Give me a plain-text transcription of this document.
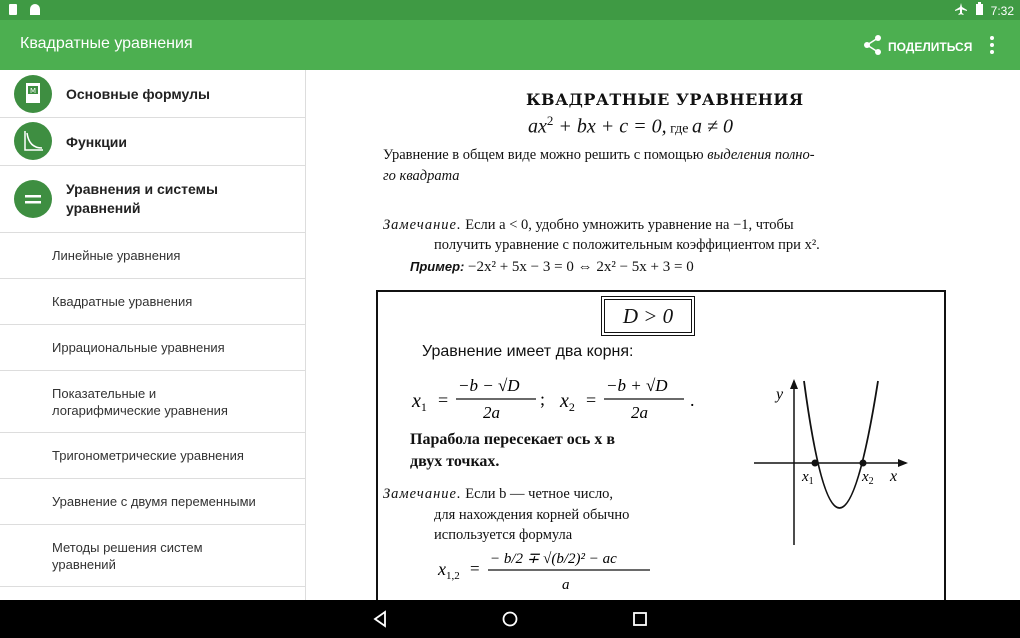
7:32
Квадратные уравнения	ПОДЕЛИТЬСЯ
M Основные формулы
Функции
Уравнения и системы
уравнений
Линейные уравнения
Квадратные уравнения
Иррациональные уравнения
Показательные и
логарифмические уравнения
Тригонометрические уравнения
Уравнение с двумя переменными
Методы решения систем
уравнений
КВАДРАТНЫЕ УРАВНЕНИЯ
$ax^2$ + bx + c = 0, где a ≠ 0
Уравнение в общем виде можно решить с помощью выделения полно-
го квадрата
Замечание. Если a < 0, удобно умножить уравнение на −1, чтобы
получить уравнение с положительным коэффициентом при x².
Пример: −2x² + 5x − 3 = 0 ⇔ 2x² − 5x + 3 = 0
D > 0
Уравнение имеет два корня:
$x_1$ =
−b − √D
2a
; $x_2$ =
−b + √D
2a
.
Парабола пересекает ось x в
двух точках.
Замечание. Если b — четное число,
для нахождения корней обычно
используется формула
$x_{1,2}$ = − b/2 ∓ √(b/2)² − ac
a
y
x
$x_1$	$x_2$
